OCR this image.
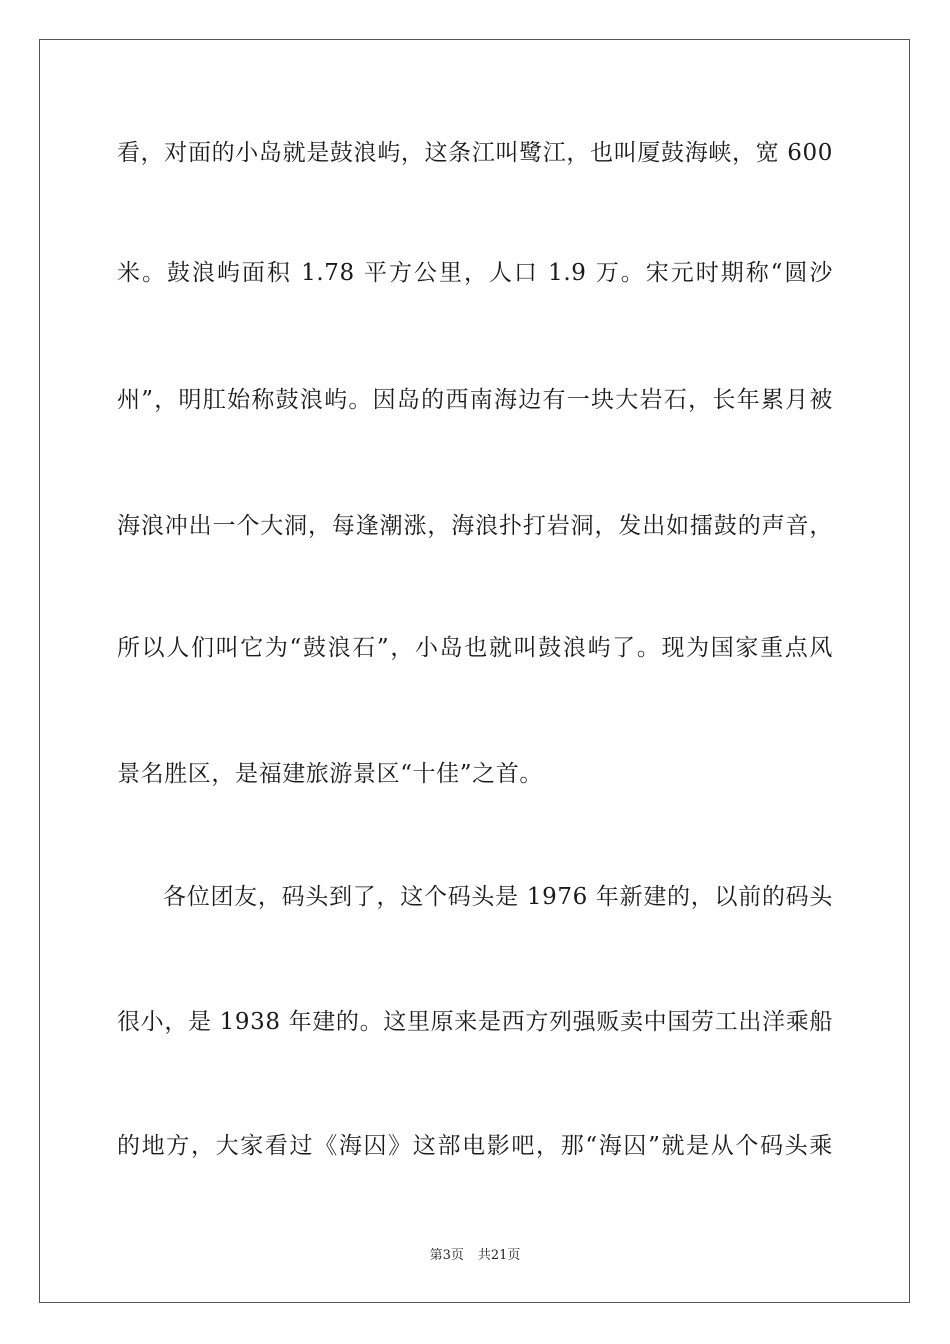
看，对面的小岛就是鼓浪屿，这条江叫鹭江，也叫厦鼓海峡，宽 600
米。鼓浪屿面积 1.78 平方公里，人口 1.9 万。宋元时期称“圆沙
州”，明肛始称鼓浪屿。因岛的西南海边有一块大岩石，长年累月被
海浪冲出一个大洞，每逢潮涨，海浪扑打岩洞，发出如擂鼓的声音，
所以人们叫它为“鼓浪石”，小岛也就叫鼓浪屿了。现为国家重点风
景名胜区，是福建旅游景区“十佳”之首。
各位团友，码头到了，这个码头是 1976 年新建的，以前的码头
很小，是 1938 年建的。这里原来是西方列强贩卖中国劳工出洋乘船
的地方，大家看过《海囚》这部电影吧，那“海囚”就是从个码头乘
第3页 共21页
